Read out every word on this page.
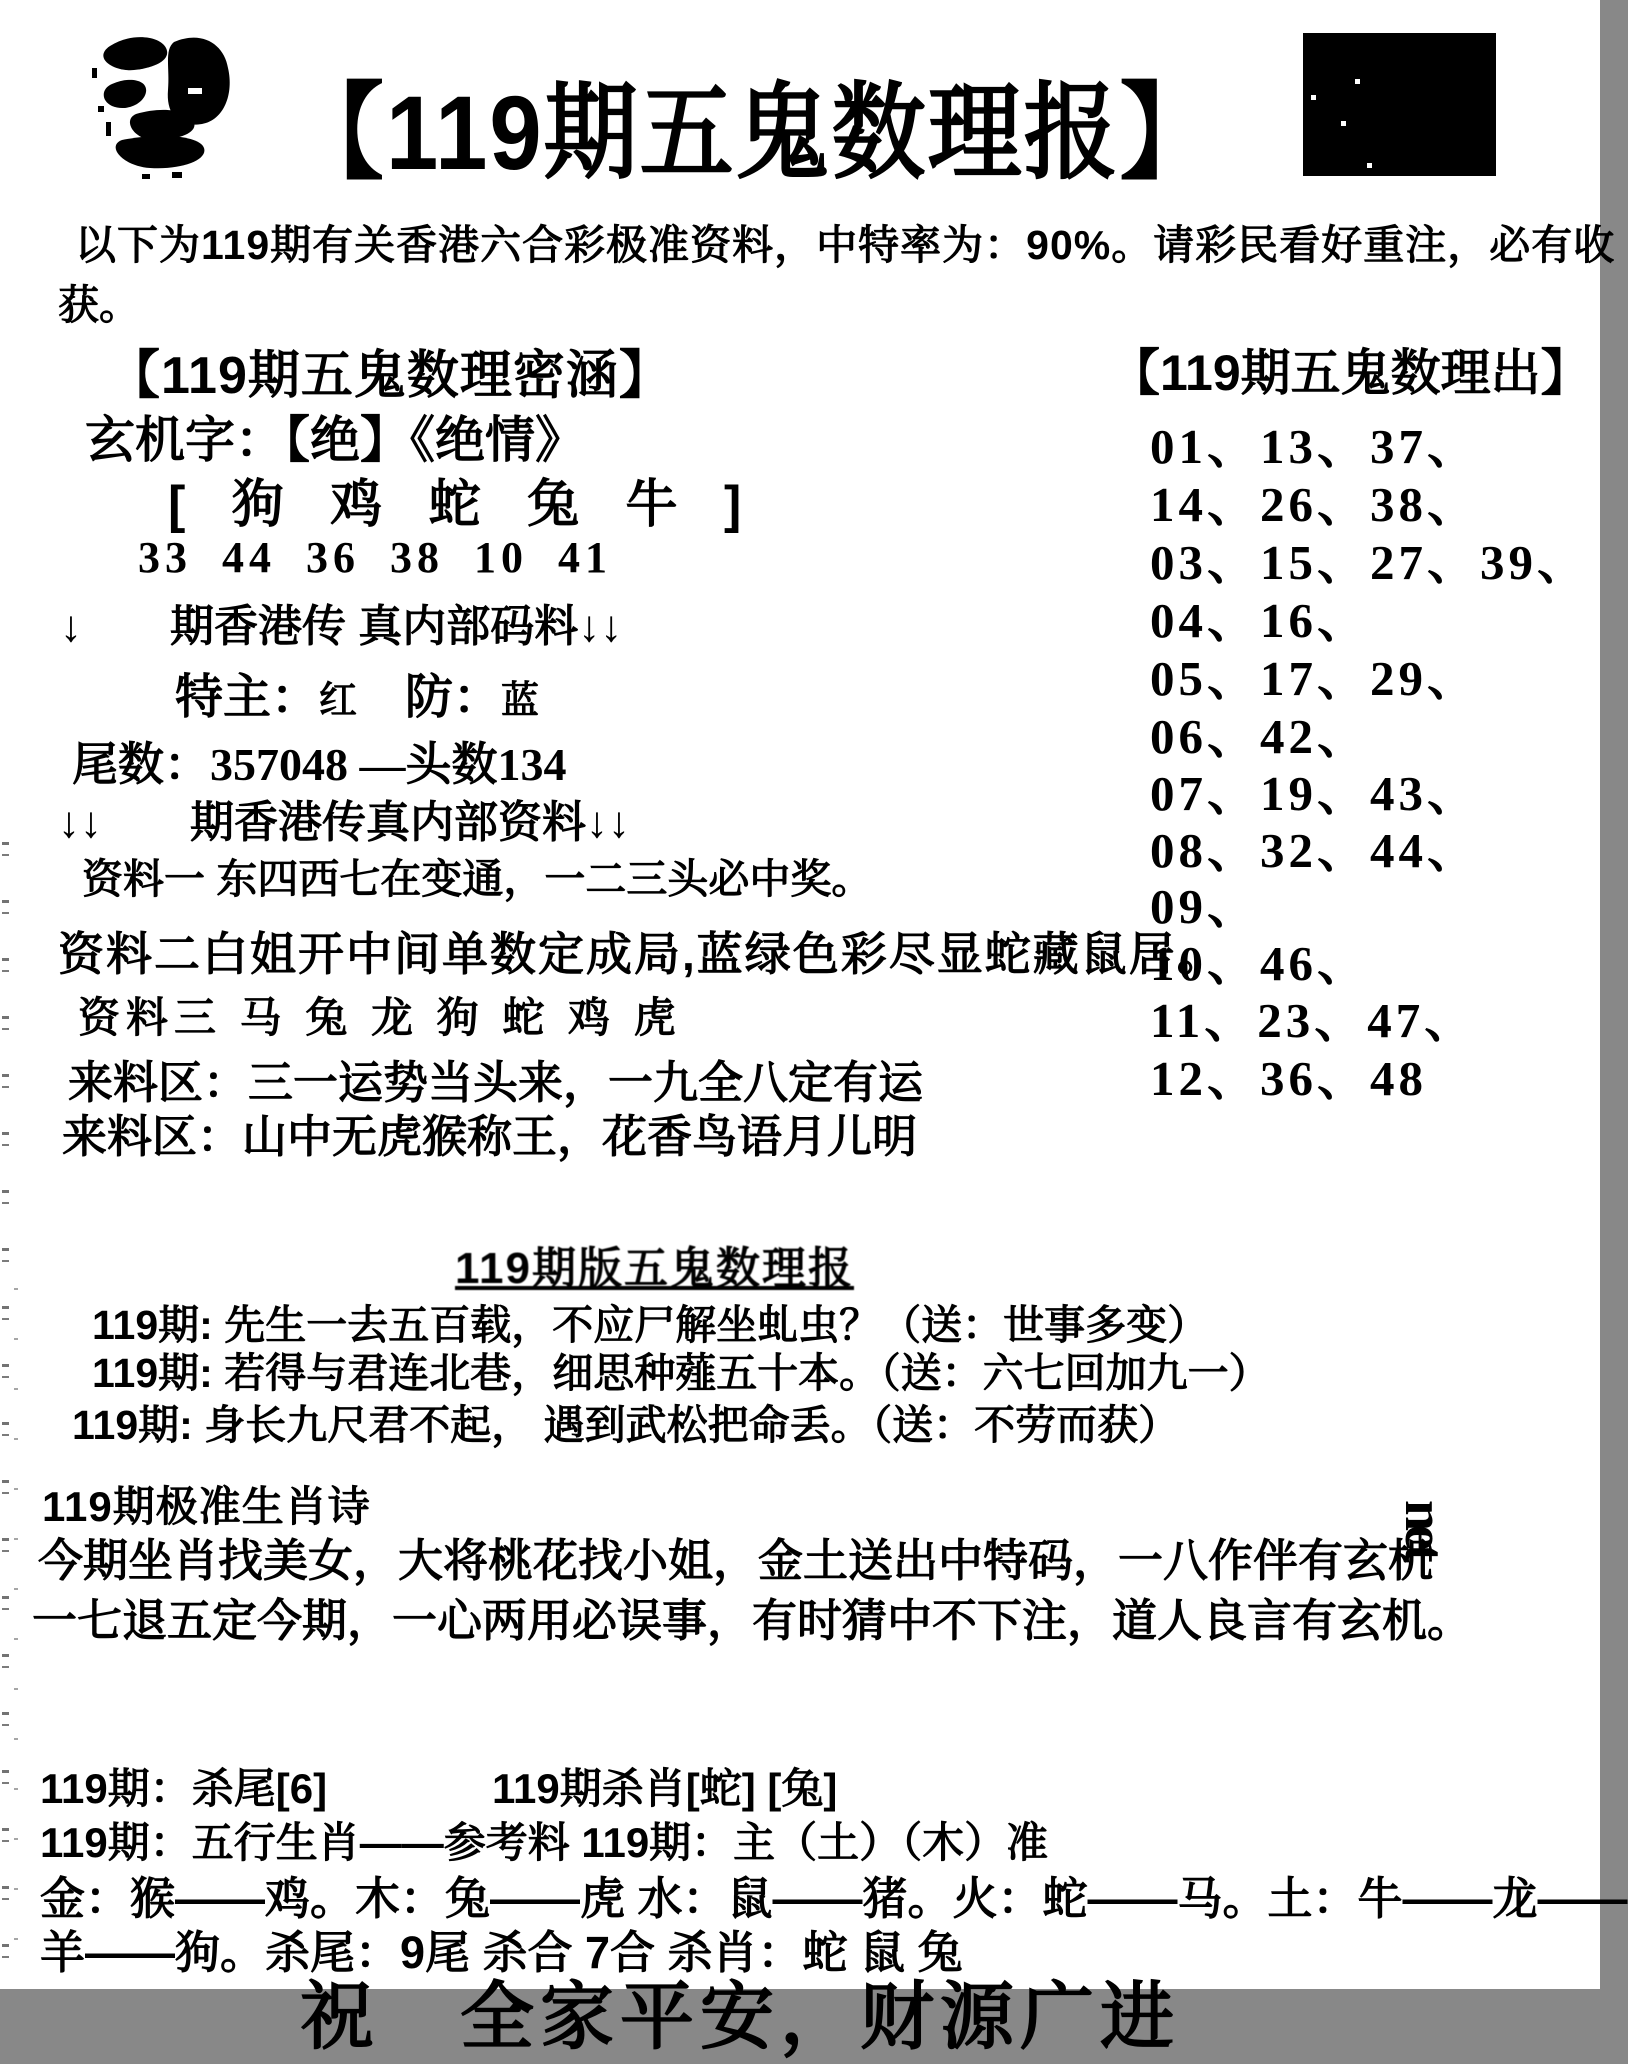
【119期五鬼数理报】
以下为119期有关香港六合彩极准资料，中特率为：90%。请彩民看好重注，必有收
获。
【119期五鬼数理密涵】
玄机字：【绝】《绝情》
[ 狗 鸡 蛇 兔 牛 ]
33 44 36 38 10 41
↓　　期香港传 真内部码料↓↓
特主：红　防：蓝
尾数：357048 —头数134
↓↓　　期香港传真内部资料↓↓
资料一 东四西七在变通，一二三头必中奖。
资料二白姐开中间单数定成局,蓝绿色彩尽显蛇藏鼠居。
资料三 马 兔 龙 狗 蛇 鸡 虎
来料区：三一运势当头来，一九全八定有运
来料区：山中无虎猴称王，花香鸟语月儿明
【119期五鬼数理出】
01、13、37、
14、26、38、
03、15、27、39、
04、16、
05、17、29、
06、42、
07、19、43、
08、32、44、
09、
10、46、
11、23、47、
12、36、48
119期版五鬼数理报
119期: 先生一去五百载，不应尸解坐虬虫？（送：世事多变）
119期: 若得与君连北巷，细思种薤五十本。（送：六七回加九一）
119期: 身长九尺君不起， 遇到武松把命丢。（送：不劳而获）
119期极准生肖诗
今期坐肖找美女，大将桃花找小姐，金土送出中特码，一八作伴有玄机
一七退五定今期，一心两用必误事，有时猜中不下注，道人良言有玄机。
net
119期：杀尾[6]	119期杀肖[蛇] [兔]
119期：五行生肖——参考料 119期：主（土）（木）准
金：猴——鸡。木：兔——虎 水：鼠——猪。火：蛇——马。土：牛——龙——
羊——狗。杀尾：9尾 杀合 7合 杀肖：蛇 鼠 兔
祝　全家平安，财源广进
